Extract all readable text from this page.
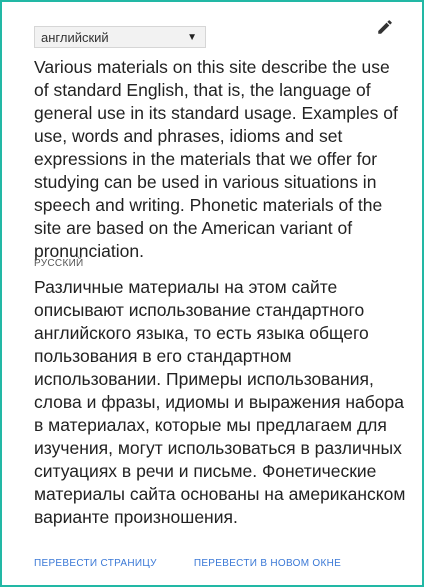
английский	▼

Various materials on this site describe the use of standard English, that is, the language of general use in its standard usage. Examples of use, words and phrases, idioms and set expressions in the materials that we offer for studying can be used in various situations in speech and writing. Phonetic materials of the site are based on the American variant of pronunciation.

РУССКИЙ

Различные материалы на этом сайте описывают использование стандартного английского языка, то есть языка общего пользования в его стандартном использовании. Примеры использования, слова и фразы, идиомы и выражения набора в материалах, которые мы предлагаем для изучения, могут использоваться в различных ситуациях в речи и письме. Фонетические материалы сайта основаны на американском варианте произношения.

ПЕРЕВЕСТИ СТРАНИЦУ	ПЕРЕВЕСТИ В НОВОМ ОКНЕ
